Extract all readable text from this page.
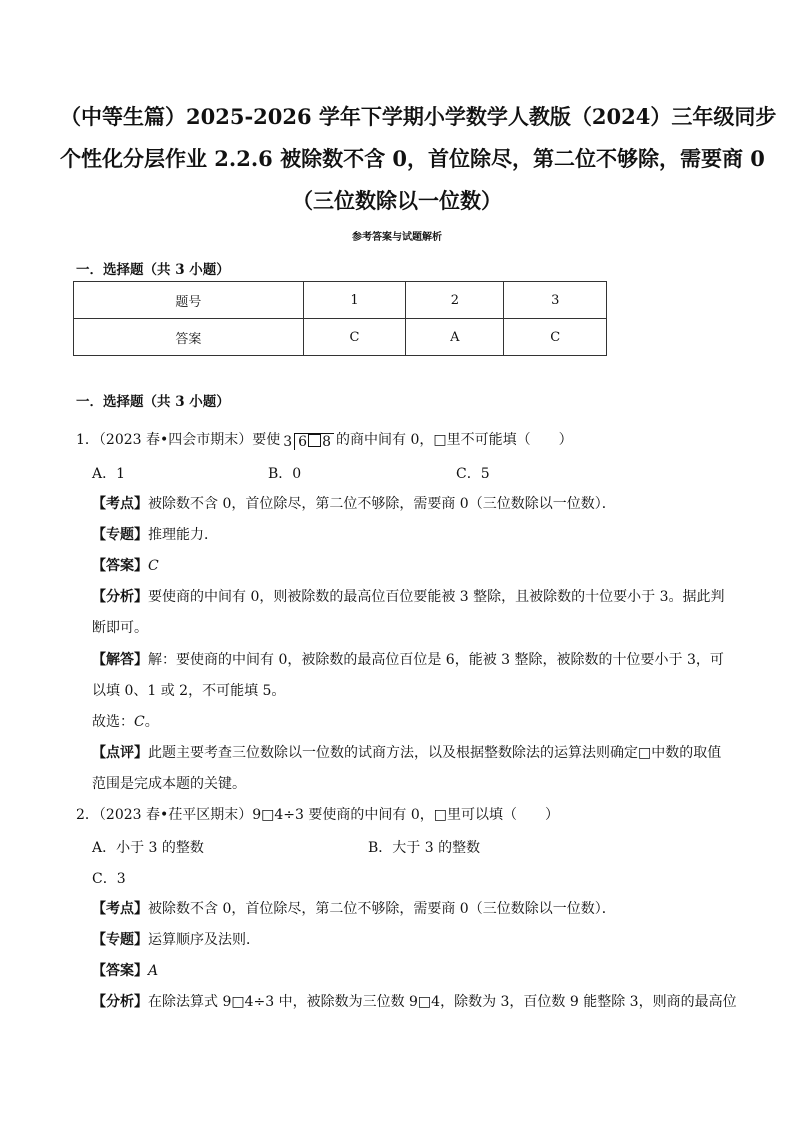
（中等生篇）2025-2026 学年下学期小学数学人教版（2024）三年级同步
个性化分层作业 2.2.6 被除数不含 0，首位除尽，第二位不够除，需要商 0
（三位数除以一位数）
参考答案与试题解析
一．选择题（共 3 小题）
题号	1	2	3
答案	C	A	C
一．选择题（共 3 小题）
1．（2023 春•四会市期末）要使 3 6 8 的商中间有 0，□里不可能填（　　）
A．1	B．0	C．5
【考点】被除数不含 0，首位除尽，第二位不够除，需要商 0（三位数除以一位数）．
【专题】推理能力．
【答案】C
【分析】要使商的中间有 0，则被除数的最高位百位要能被 3 整除，且被除数的十位要小于 3。据此判
断即可。
【解答】解：要使商的中间有 0，被除数的最高位百位是 6，能被 3 整除，被除数的十位要小于 3，可
以填 0、1 或 2，不可能填 5。
故选：C。
【点评】此题主要考查三位数除以一位数的试商方法，以及根据整数除法的运算法则确定□中数的取值
范围是完成本题的关键。
2．（2023 春•茌平区期末）9□4÷3 要使商的中间有 0，□里可以填（　　）
A．小于 3 的整数	B．大于 3 的整数
C．3
【考点】被除数不含 0，首位除尽，第二位不够除，需要商 0（三位数除以一位数）．
【专题】运算顺序及法则．
【答案】A
【分析】在除法算式 9□4÷3 中，被除数为三位数 9□4，除数为 3，百位数 9 能整除 3，则商的最高位
